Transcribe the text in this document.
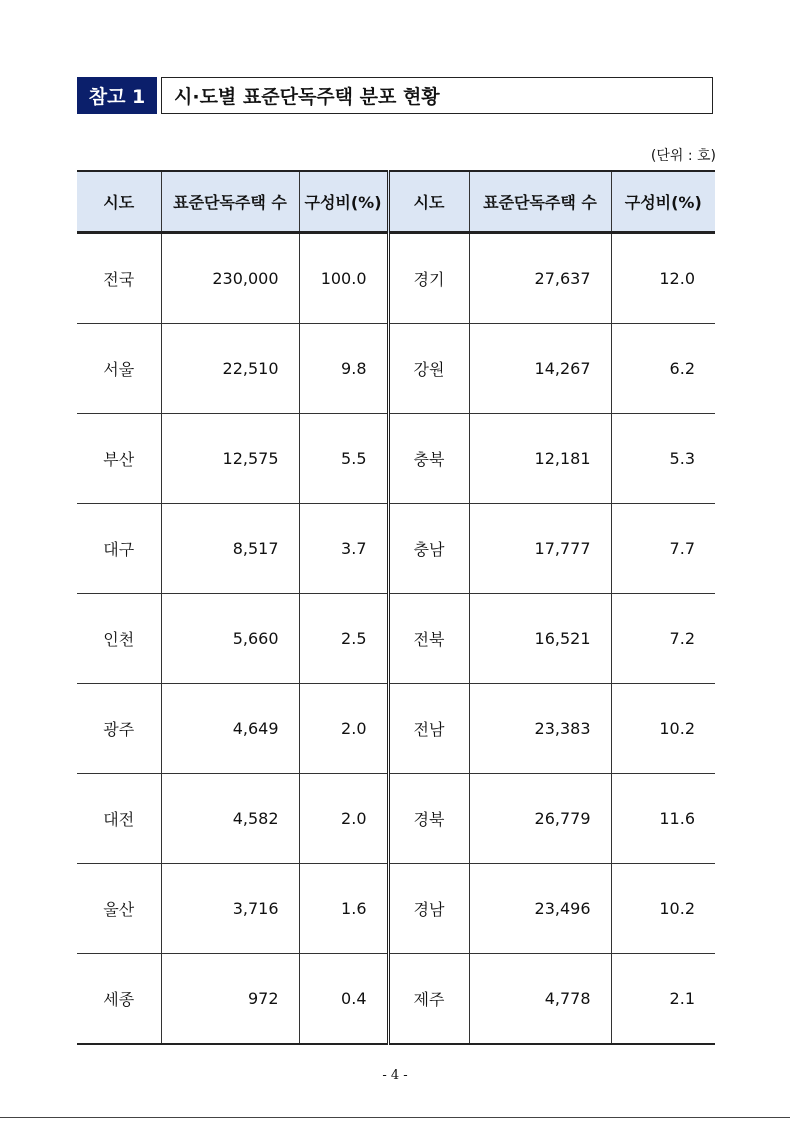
참고 1	시·도별 표준단독주택 분포 현황
(단위 : 호)
시도	표준단독주택 수	구성비(%)	시도	표준단독주택 수	구성비(%)
전국	230,000	100.0	경기	27,637	12.0
서울	22,510	9.8	강원	14,267	6.2
부산	12,575	5.5	충북	12,181	5.3
대구	8,517	3.7	충남	17,777	7.7
인천	5,660	2.5	전북	16,521	7.2
광주	4,649	2.0	전남	23,383	10.2
대전	4,582	2.0	경북	26,779	11.6
울산	3,716	1.6	경남	23,496	10.2
세종	972	0.4	제주	4,778	2.1
- 4 -
